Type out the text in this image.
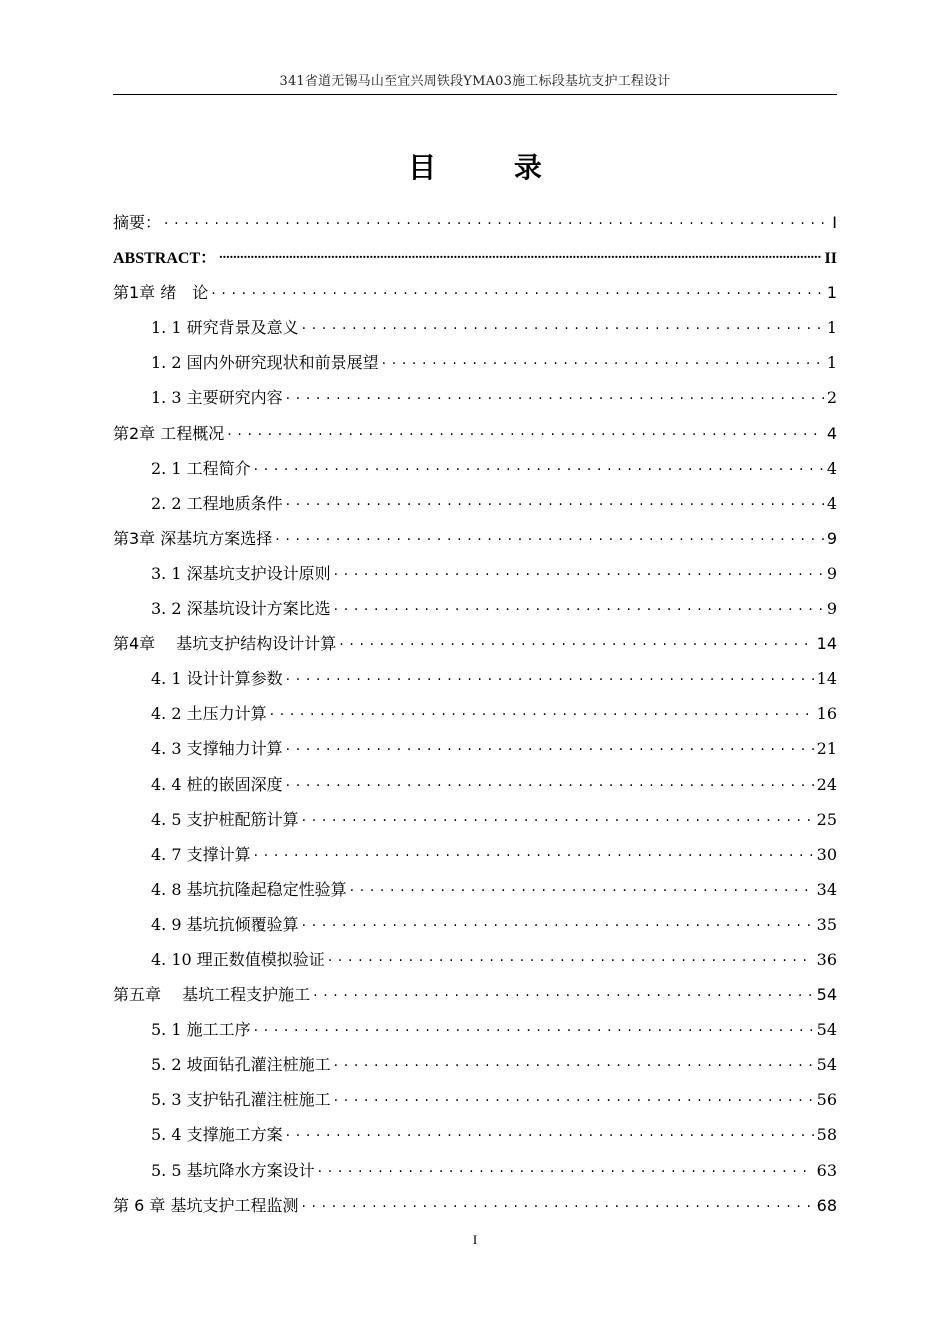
341省道无锡马山至宜兴周铁段YMA03施工标段基坑支护工程设计
目 录
摘要： . . .	I
ABSTRACT： .....	II
第1章 绪　论 . . .	1
1. 1 研究背景及意义 . . .	1
1. 2 国内外研究现状和前景展望 . . .	1
1. 3 主要研究内容 . . .	2
第2章 工程概况 . . .	4
2. 1 工程简介 . . .	4
2. 2 工程地质条件 . . .	4
第3章 深基坑方案选择 . . .	9
3. 1 深基坑支护设计原则 . . .	9
3. 2 深基坑设计方案比选 . . .	9
第4章　 基坑支护结构设计计算 . . .	14
4. 1 设计计算参数 . . .	14
4. 2 土压力计算 . . .	16
4. 3 支撑轴力计算 . . .	21
4. 4 桩的嵌固深度 . . .	24
4. 5 支护桩配筋计算 . . .	25
4. 7 支撑计算 . . .	30
4. 8 基坑抗隆起稳定性验算 . . .	34
4. 9 基坑抗倾覆验算 . . .	35
4. 10 理正数值模拟验证 . . .	36
第五章　 基坑工程支护施工 . . .	54
5. 1 施工工序 . . .	54
5. 2 坡面钻孔灌注桩施工 . . .	54
5. 3 支护钻孔灌注桩施工 . . .	56
5. 4 支撑施工方案 . . .	58
5. 5 基坑降水方案设计 . . .	63
第 6 章 基坑支护工程监测 . . .	68
I
